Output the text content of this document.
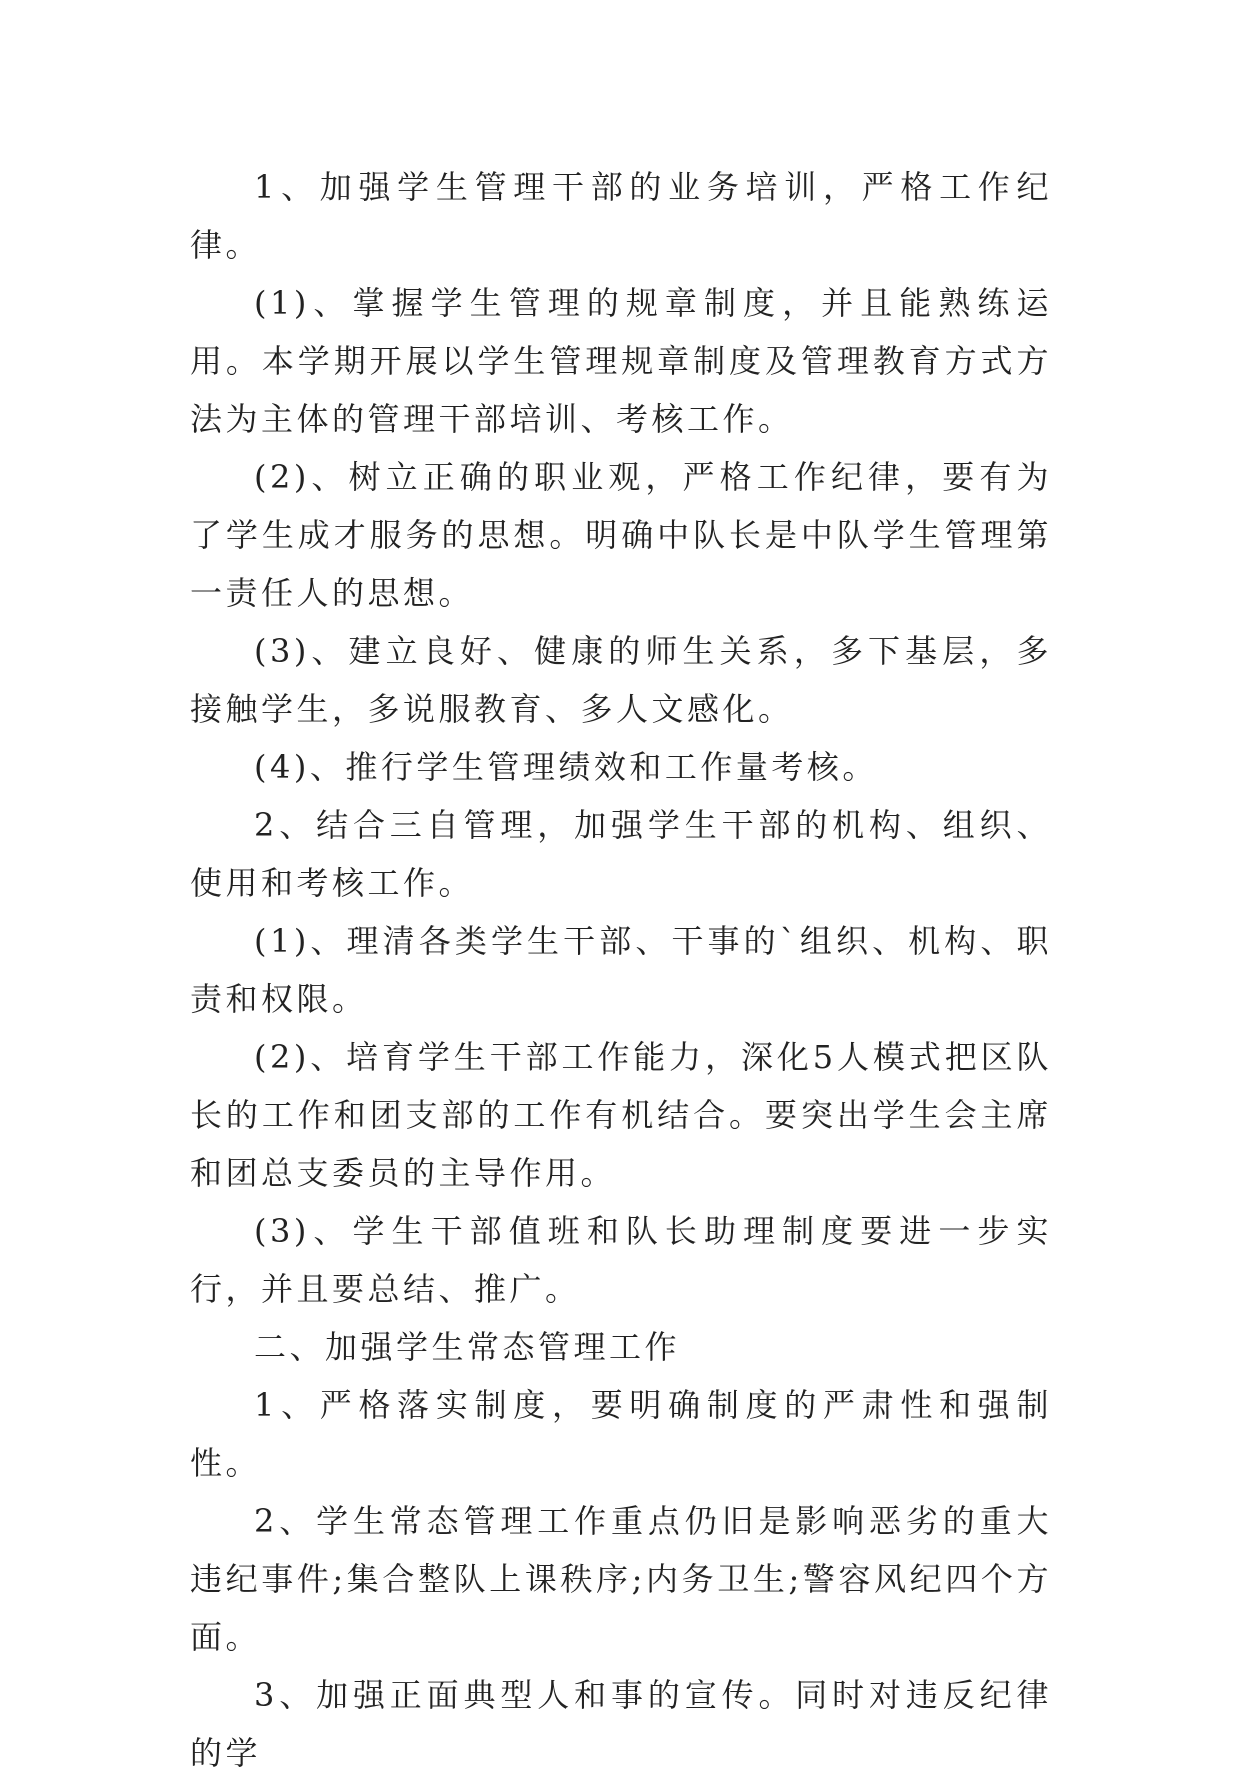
1、加强学生管理干部的业务培训，严格工作纪律。

(1)、掌握学生管理的规章制度，并且能熟练运用。本学期开展以学生管理规章制度及管理教育方式方法为主体的管理干部培训、考核工作。

(2)、树立正确的职业观，严格工作纪律，要有为了学生成才服务的思想。明确中队长是中队学生管理第一责任人的思想。

(3)、建立良好、健康的师生关系，多下基层，多接触学生，多说服教育、多人文感化。

(4)、推行学生管理绩效和工作量考核。

2、结合三自管理，加强学生干部的机构、组织、使用和考核工作。

(1)、理清各类学生干部、干事的`组织、机构、职责和权限。

(2)、培育学生干部工作能力，深化5人模式把区队长的工作和团支部的工作有机结合。要突出学生会主席和团总支委员的主导作用。

(3)、学生干部值班和队长助理制度要进一步实行，并且要总结、推广。

二、加强学生常态管理工作

1、严格落实制度，要明确制度的严肃性和强制性。

2、学生常态管理工作重点仍旧是影响恶劣的重大违纪事件;集合整队上课秩序;内务卫生;警容风纪四个方面。

3、加强正面典型人和事的宣传。同时对违反纪律的学
